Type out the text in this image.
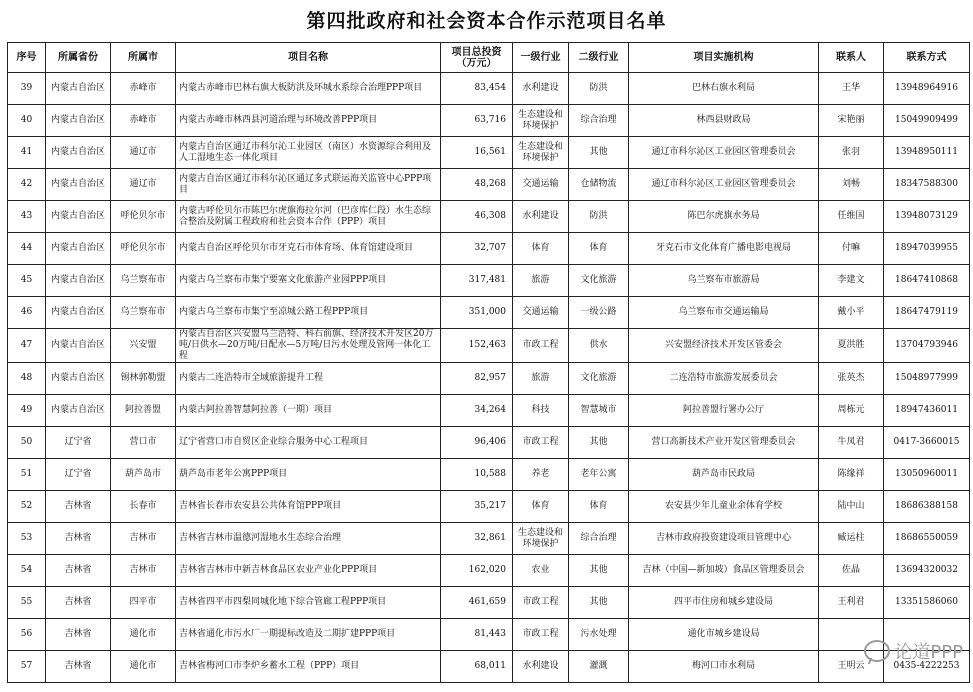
第四批政府和社会资本合作示范项目名单
序号	所属省份	所属市	项目名称	项目总投资（万元）	一级行业	二级行业	项目实施机构	联系人	联系方式
39	内蒙古自治区	赤峰市	内蒙古赤峰市巴林右旗大板防洪及环城水系综合治理PPP项目	83,454	水利建设	防洪	巴林右旗水利局	王华	13948964916
40	内蒙古自治区	赤峰市	内蒙古赤峰市林西县河道治理与环境改善PPP项目	63,716	生态建设和环境保护	综合治理	林西县财政局	宋艳丽	15049909499
41	内蒙古自治区	通辽市	内蒙古自治区通辽市科尔沁工业园区（南区）水资源综合利用及人工湿地生态一体化项目	16,561	生态建设和环境保护	其他	通辽市科尔沁区工业园区管理委员会	张羽	13948950111
42	内蒙古自治区	通辽市	内蒙古自治区通辽市科尔沁区通辽多式联运海关监管中心PPP项目	48,268	交通运输	仓储物流	通辽市科尔沁区工业园区管理委员会	刘畅	18347588300
43	内蒙古自治区	呼伦贝尔市	内蒙古呼伦贝尔市陈巴尔虎旗海拉尔河（巴彦库仁段）水生态综合整治及附属工程政府和社会资本合作（PPP）项目	46,308	水利建设	防洪	陈巴尔虎旗水务局	任维国	13948073129
44	内蒙古自治区	呼伦贝尔市	内蒙古自治区呼伦贝尔市牙克石市体育场、体育馆建设项目	32,707	体育	体育	牙克石市文化体育广播电影电视局	付嘛	18947039955
45	内蒙古自治区	乌兰察布市	内蒙古乌兰察布市集宁要塞文化旅游产业园PPP项目	317,481	旅游	文化旅游	乌兰察布市旅游局	李建文	18647410868
46	内蒙古自治区	乌兰察布市	内蒙古乌兰察布市集宁至凉城公路工程PPP项目	351,000	交通运输	一级公路	乌兰察布市交通运输局	戴小平	18647479119
47	内蒙古自治区	兴安盟	内蒙古自治区兴安盟乌兰浩特、科右前旗、经济技术开发区20万吨/日供水—20万吨/日配水—5万吨/日污水处理及管网一体化工程	152,463	市政工程	供水	兴安盟经济技术开发区管委会	夏洪胜	13704793946
48	内蒙古自治区	锡林郭勒盟	内蒙古二连浩特市全域旅游提升工程	82,957	旅游	文化旅游	二连浩特市旅游发展委员会	张英杰	15048977999
49	内蒙古自治区	阿拉善盟	内蒙古阿拉善智慧阿拉善（一期）项目	34,264	科技	智慧城市	阿拉善盟行署办公厅	周栋元	18947436011
50	辽宁省	营口市	辽宁省营口市自贸区企业综合服务中心工程项目	96,406	市政工程	其他	营口高新技术产业开发区管理委员会	牛凤君	0417-3660015
51	辽宁省	葫芦岛市	葫芦岛市老年公寓PPP项目	10,588	养老	老年公寓	葫芦岛市民政局	陈缘祥	13050960011
52	吉林省	长春市	吉林省长春市农安县公共体育馆PPP项目	35,217	体育	体育	农安县少年儿童业余体育学校	陆中山	18686388158
53	吉林省	吉林市	吉林省吉林市温德河湿地水生态综合治理	32,861	生态建设和环境保护	综合治理	吉林市政府投资建设项目管理中心	臧运柱	18686550059
54	吉林省	吉林市	吉林省吉林市中新吉林食品区农业产业化PPP项目	162,020	农业	其他	吉林（中国—新加坡）食品区管理委员会	佐晶	13694320032
55	吉林省	四平市	吉林省四平市四梨同城化地下综合管廊工程PPP项目	461,659	市政工程	其他	四平市住房和城乡建设局	王利君	13351586060
56	吉林省	通化市	吉林省通化市污水厂一期提标改造及二期扩建PPP项目	81,443	市政工程	污水处理	通化市城乡建设局		
57	吉林省	通化市	吉林省梅河口市李炉乡蓄水工程（PPP）项目	68,011	水利建设	灌溉	梅河口市水利局	王明云	0435-4222253
论道PPP
